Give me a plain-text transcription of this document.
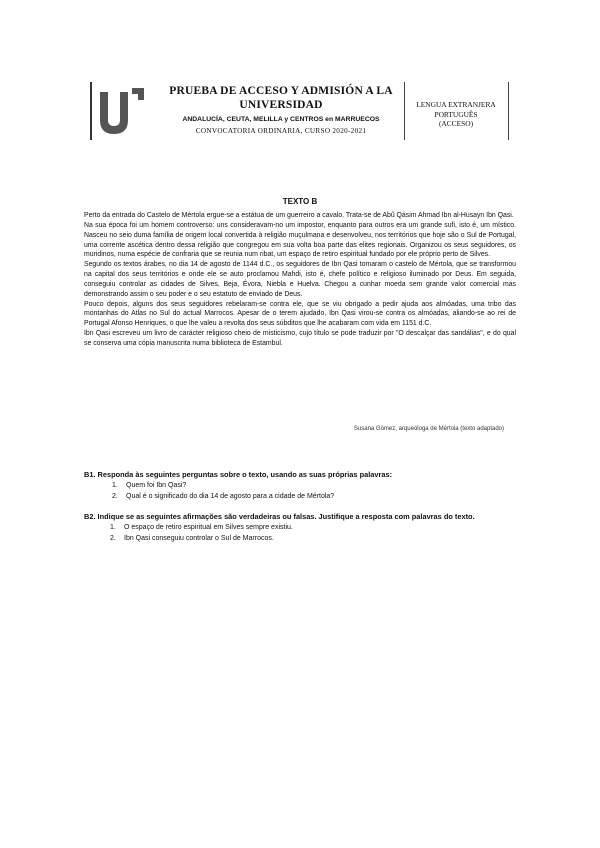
PRUEBA DE ACCESO Y ADMISIÓN A LA
UNIVERSIDAD
ANDALUCÍA, CEUTA, MELILLA y CENTROS en MARRUECOS
CONVOCATORIA ORDINARIA, CURSO 2020-2021
LENGUA EXTRANJERA
PORTUGUÊS
(ACCESO)
TEXTO B

Perto da entrada do Castelo de Mértola ergue-se a estátua de um guerreiro a cavalo. Trata-se de Abû Qásim Ahmad Ibn al-Husayn Ibn Qasi.

Na sua época foi um homem controverso: uns consideravam-no um impostor, enquanto para outros era um grande sufi, isto é, um místico. Nasceu no seio duma família de origem local convertida à religião muçulmana e desenvolveu, nos territórios que hoje são o Sul de Portugal, uma corrente ascética dentro dessa religião que congregou em sua volta boa parte das elites regionais. Organizou os seus seguidores, os muridinos, numa espécie de confraria que se reunia num ribat, um espaço de retiro espiritual fundado por ele próprio perto de Silves.

Segundo os textos árabes, no dia 14 de agosto de 1144 d.C., os seguidores de Ibn Qasi tomaram o castelo de Mértola, que se transformou na capital dos seus territórios e onde ele se auto proclamou Mahdi, isto é, chefe político e religioso iluminado por Deus. Em seguida, conseguiu controlar as cidades de Silves, Beja, Évora, Niebla e Huelva. Chegou a cunhar moeda sem grande valor comercial mas demonstrando assim o seu poder e o seu estatuto de enviado de Deus.

Pouco depois, alguns dos seus seguidores rebelaram-se contra ele, que se viu obrigado a pedir ajuda aos almóadas, uma tribo das montanhas do Atlas no Sul do actual Marrocos. Apesar de o terem ajudado, Ibn Qasi virou-se contra os almóadas, aliando-se ao rei de Portugal Afonso Henriques, o que lhe valeu a revolta dos seus súbditos que lhe acabaram com vida em 1151 d.C.

Ibn Qasi escreveu um livro de carácter religioso cheio de misticismo, cujo título se pode traduzir por "O descalçar das sandálias", e do qual se conserva uma cópia manuscrita numa biblioteca de Estambul.

Susana Gómez, arqueóloga de Mértola (texto adaptado)
B1. Responda às seguintes perguntas sobre o texto, usando as suas próprias palavras:
1. Quem foi Ibn Qasi?
2. Qual é o significado do dia 14 de agosto para a cidade de Mértola?
B2. Indique se as seguintes afirmações são verdadeiras ou falsas. Justifique a resposta com palavras do texto.
1. O espaço de retiro espiritual em Silves sempre existiu.
2. Ibn Qasi conseguiu controlar o Sul de Marrocos.
